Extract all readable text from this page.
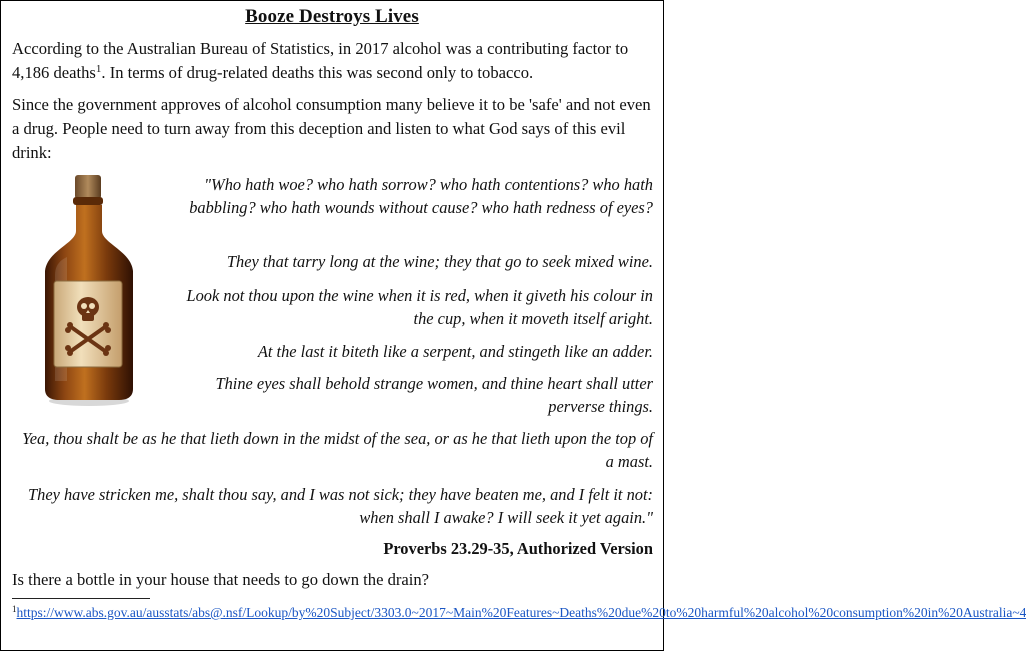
Booze Destroys Lives
According to the Australian Bureau of Statistics, in 2017 alcohol was a contributing factor to 4,186 deaths$^1$. In terms of drug-related deaths this was second only to tobacco.
Since the government approves of alcohol consumption many believe it to be 'safe' and not even a drug. People need to turn away from this deception and listen to what God says of this evil drink:
"Who hath woe? who hath sorrow? who hath contentions? who hath babbling? who hath wounds without cause? who hath redness of eyes?
They that tarry long at the wine; they that go to seek mixed wine.
Look not thou upon the wine when it is red, when it giveth his colour in the cup, when it moveth itself aright.
At the last it biteth like a serpent, and stingeth like an adder.
Thine eyes shall behold strange women, and thine heart shall utter perverse things.
Yea, thou shalt be as he that lieth down in the midst of the sea, or as he that lieth upon the top of a mast.
They have stricken me, shalt thou say, and I was not sick; they have beaten me, and I felt it not: when shall I awake? I will seek it yet again."
Proverbs 23.29-35, Authorized Version
Is there a bottle in your house that needs to go down the drain?
$^1$https://www.abs.gov.au/ausstats/abs@.nsf/Lookup/by%20Subject/3303.0~2017~Main%20Features~Deaths%20due%20to%20harmful%20alcohol%20consumption%20in%20Australia~4
